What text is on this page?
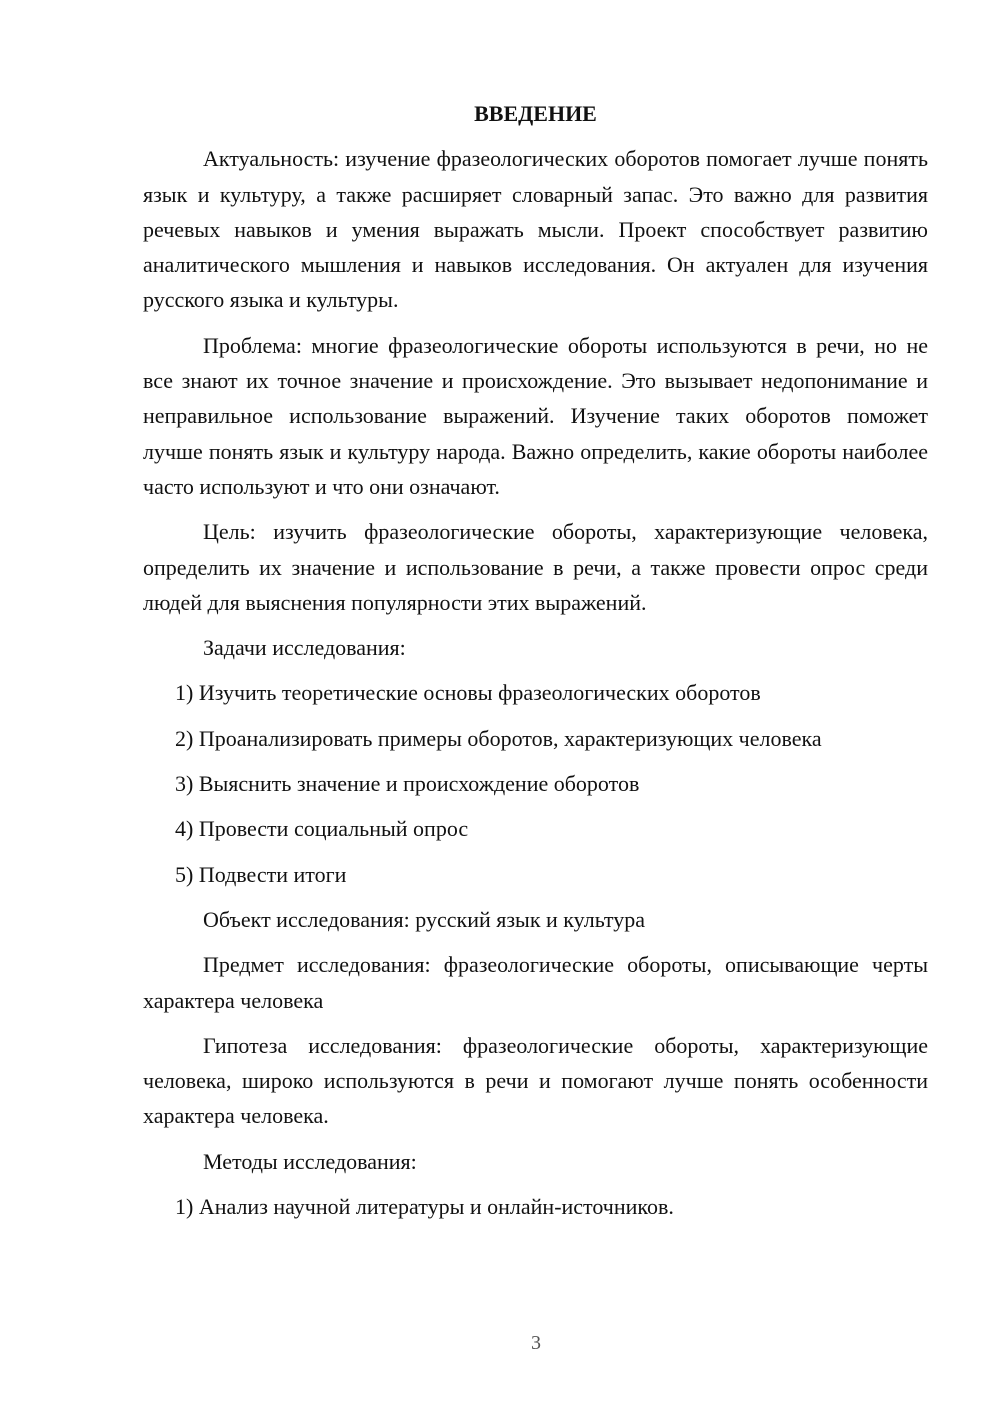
ВВЕДЕНИЕ

Актуальность: изучение фразеологических оборотов помогает лучше понять язык и культуру, а также расширяет словарный запас. Это важно для развития речевых навыков и умения выражать мысли. Проект способствует развитию аналитического мышления и навыков исследования. Он актуален для изучения русского языка и культуры.

Проблема: многие фразеологические обороты используются в речи, но не все знают их точное значение и происхождение. Это вызывает недопонимание и неправильное использование выражений. Изучение таких оборотов поможет лучше понять язык и культуру народа. Важно определить, какие обороты наиболее часто используют и что они означают.

Цель: изучить фразеологические обороты, характеризующие человека, определить их значение и использование в речи, а также провести опрос среди людей для выяснения популярности этих выражений.

Задачи исследования:

1) Изучить теоретические основы фразеологических оборотов
2) Проанализировать примеры оборотов, характеризующих человека
3) Выяснить значение и происхождение оборотов
4) Провести социальный опрос
5) Подвести итоги

Объект исследования: русский язык и культура

Предмет исследования: фразеологические обороты, описывающие черты характера человека

Гипотеза исследования: фразеологические обороты, характеризующие человека, широко используются в речи и помогают лучше понять особенности характера человека.

Методы исследования:

1) Анализ научной литературы и онлайн-источников.
3
